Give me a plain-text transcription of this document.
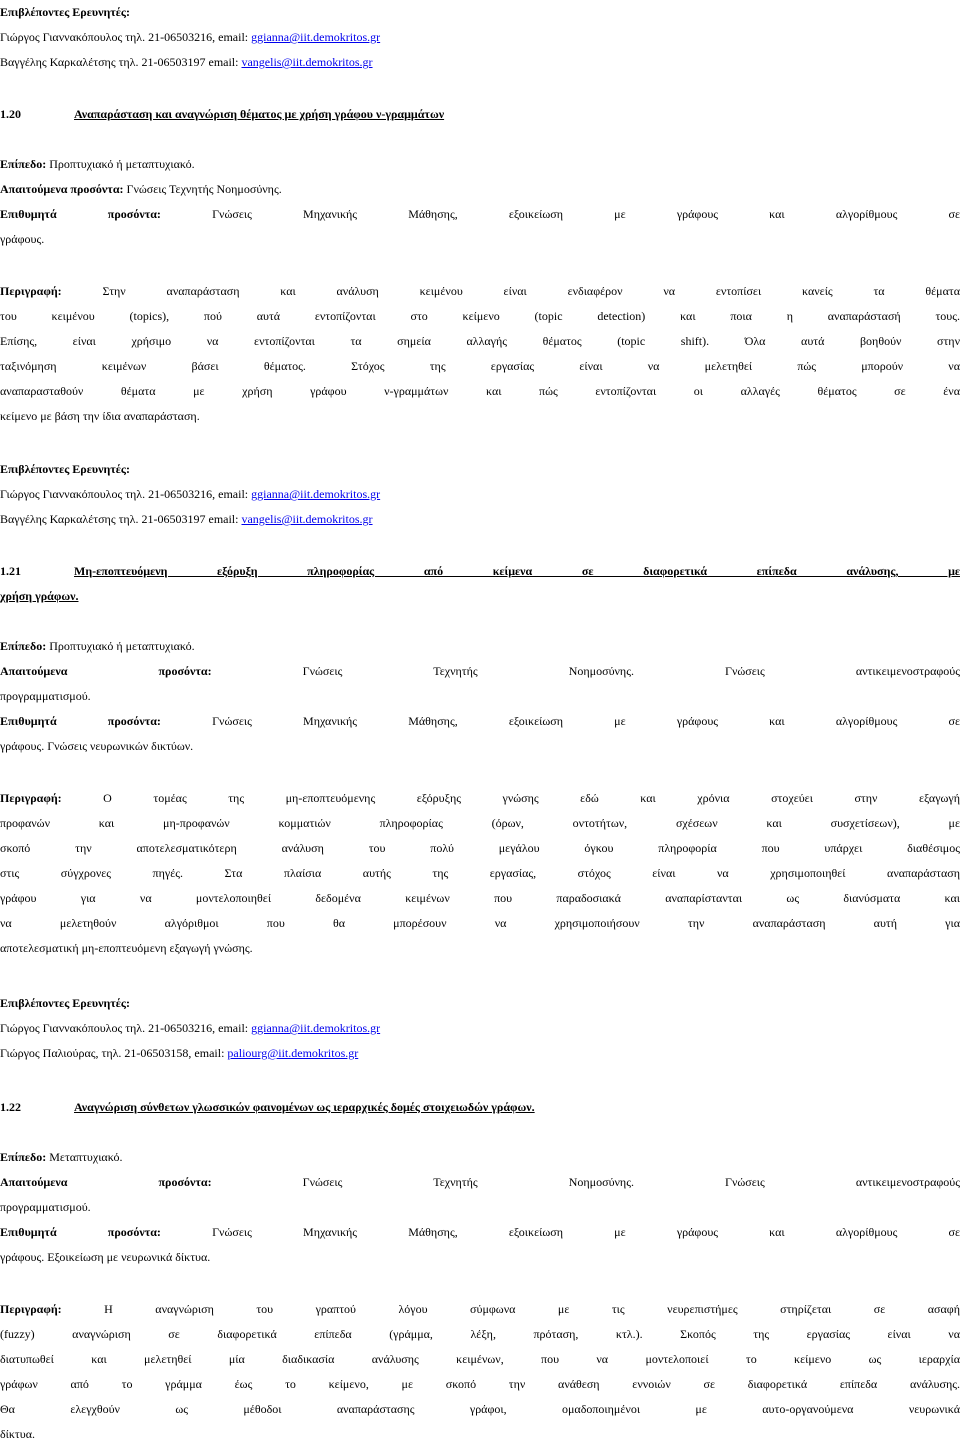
Επιβλέποντες Ερευνητές:
Γιώργος Γιαννακόπουλος τηλ. 21-06503216, email: ggianna@iit.demokritos.gr
Βαγγέλης Καρκαλέτσης τηλ. 21-06503197 email: vangelis@iit.demokritos.gr
1.20	Αναπαράσταση και αναγνώριση θέματος με χρήση γράφου ν-γραμμάτων
Επίπεδο: Προπτυχιακό ή μεταπτυχιακό.
Απαιτούμενα προσόντα: Γνώσεις Τεχνητής Νοημοσύνης.
Επιθυμητά προσόντα: Γνώσεις Μηχανικής Μάθησης, εξοικείωση με γράφους και αλγορίθμους σε
γράφους.
Περιγραφή: Στην αναπαράσταση και ανάλυση κειμένου είναι ενδιαφέρον να εντοπίσει κανείς τα θέματα
του κειμένου (topics), πού αυτά εντοπίζονται στο κείμενο (topic detection) και ποια η αναπαράστασή τους.
Επίσης, είναι χρήσιμο να εντοπίζονται τα σημεία αλλαγής θέματος (topic shift). Όλα αυτά βοηθούν στην
ταξινόμηση κειμένων βάσει θέματος. Στόχος της εργασίας είναι να μελετηθεί πώς μπορούν να
αναπαρασταθούν θέματα με χρήση γράφου ν-γραμμάτων και πώς εντοπίζονται οι αλλαγές θέματος σε ένα
κείμενο με βάση την ίδια αναπαράσταση.
Επιβλέποντες Ερευνητές:
Γιώργος Γιαννακόπουλος τηλ. 21-06503216, email: ggianna@iit.demokritos.gr
Βαγγέλης Καρκαλέτσης τηλ. 21-06503197 email: vangelis@iit.demokritos.gr
1.21	Μη-εποπτευόμενη εξόρυξη πληροφορίας από κείμενα σε διαφορετικά επίπεδα ανάλυσης, με
χρήση γράφων.
Επίπεδο: Προπτυχιακό ή μεταπτυχιακό.
Απαιτούμενα προσόντα: Γνώσεις Τεχνητής Νοημοσύνης. Γνώσεις αντικειμενοστραφούς
προγραμματισμού.
Επιθυμητά προσόντα: Γνώσεις Μηχανικής Μάθησης, εξοικείωση με γράφους και αλγορίθμους σε
γράφους. Γνώσεις νευρωνικών δικτύων.
Περιγραφή: Ο τομέας της μη-εποπτευόμενης εξόρυξης γνώσης εδώ και χρόνια στοχεύει στην εξαγωγή
προφανών και μη-προφανών κομματιών πληροφορίας (όρων, οντοτήτων, σχέσεων και συσχετίσεων), με
σκοπό την αποτελεσματικότερη ανάλυση του πολύ μεγάλου όγκου πληροφορία που υπάρχει διαθέσιμος
στις σύγχρονες πηγές. Στα πλαίσια αυτής της εργασίας, στόχος είναι να χρησιμοποιηθεί αναπαράσταση
γράφου για να μοντελοποιηθεί δεδομένα κειμένων που παραδοσιακά αναπαρίστανται ως διανύσματα και
να μελετηθούν αλγόριθμοι που θα μπορέσουν να χρησιμοποιήσουν την αναπαράσταση αυτή για
αποτελεσματική μη-εποπτευόμενη εξαγωγή γνώσης.
Επιβλέποντες Ερευνητές:
Γιώργος Γιαννακόπουλος τηλ. 21-06503216, email: ggianna@iit.demokritos.gr
Γιώργος Παλιούρας, τηλ. 21-06503158, email: paliourg@iit.demokritos.gr
1.22	Αναγνώριση σύνθετων γλωσσικών φαινομένων ως ιεραρχικές δομές στοιχειωδών γράφων.
Επίπεδο: Μεταπτυχιακό.
Απαιτούμενα προσόντα: Γνώσεις Τεχνητής Νοημοσύνης. Γνώσεις αντικειμενοστραφούς
προγραμματισμού.
Επιθυμητά προσόντα: Γνώσεις Μηχανικής Μάθησης, εξοικείωση με γράφους και αλγορίθμους σε
γράφους. Εξοικείωση με νευρωνικά δίκτυα.
Περιγραφή: Η αναγνώριση του γραπτού λόγου σύμφωνα με τις νευρεπιστήμες στηρίζεται σε ασαφή
(fuzzy) αναγνώριση σε διαφορετικά επίπεδα (γράμμα, λέξη, πρόταση, κτλ.). Σκοπός της εργασίας είναι να
διατυπωθεί και μελετηθεί μία διαδικασία ανάλυσης κειμένων, που να μοντελοποιεί το κείμενο ως ιεραρχία
γράφων από το γράμμα έως το κείμενο, με σκοπό την ανάθεση εννοιών σε διαφορετικά επίπεδα ανάλυσης.
Θα ελεγχθούν ως μέθοδοι αναπαράστασης γράφοι, ομαδοποιημένοι με αυτο-οργανούμενα νευρωνικά
δίκτυα.
